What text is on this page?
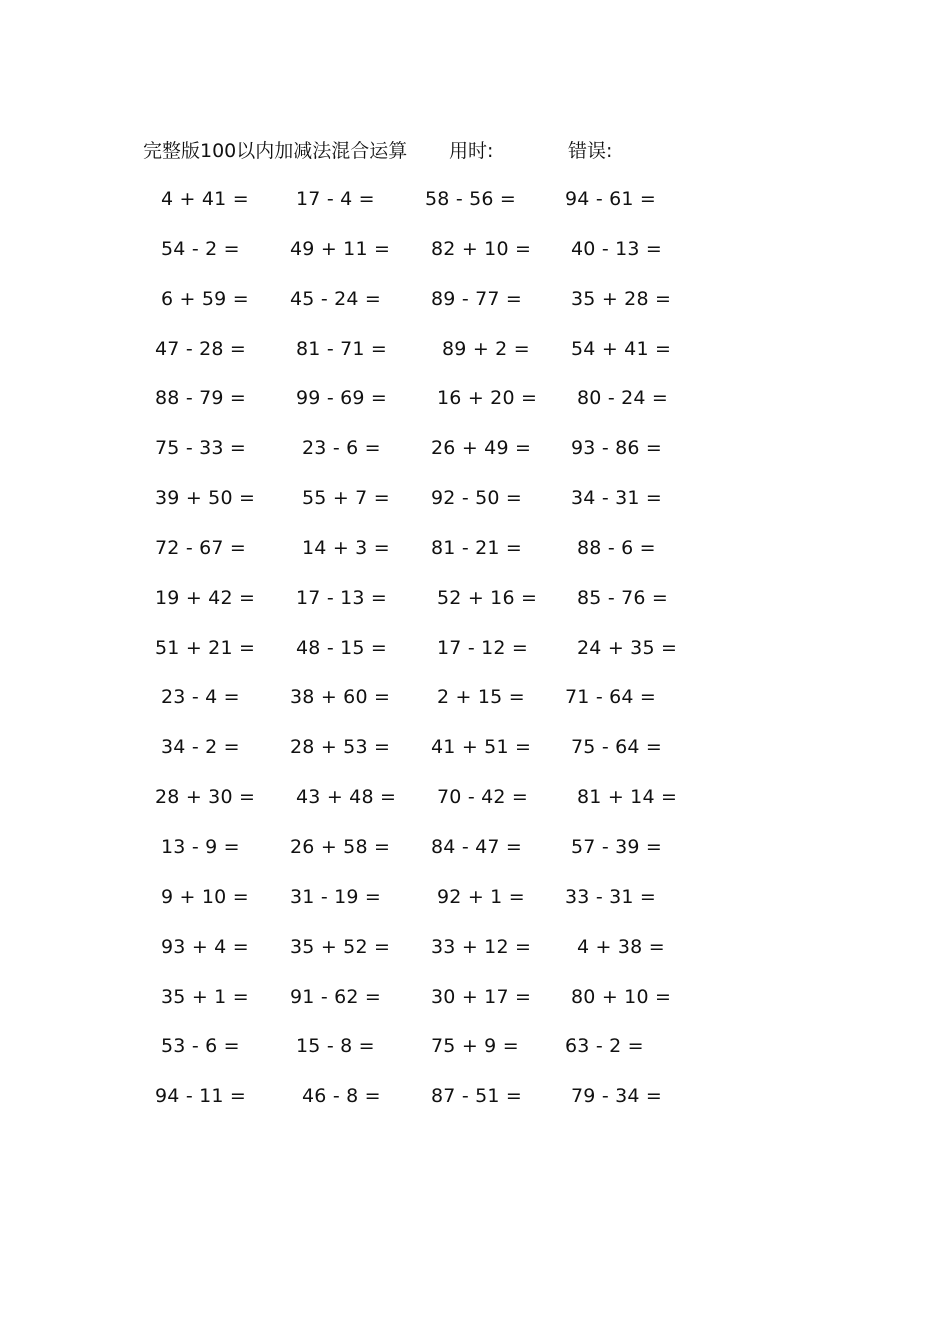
完整版100以内加减法混合运算 用时:	错误:
4 + 41 = 17 - 4 =	58 - 56 =	94 - 61 =
54 - 2 =	49 + 11 = 82 + 10 = 40 - 13 =
6 + 59 = 45 - 24 =	89 - 77 =	35 + 28 =
47 - 28 =	81 - 71 =	89 + 2 = 54 + 41 =
88 - 79 =	99 - 69 =	16 + 20 = 80 - 24 =
75 - 33 =	23 - 6 =	26 + 49 = 93 - 86 =
39 + 50 = 55 + 7 = 92 - 50 =	34 - 31 =
72 - 67 =	14 + 3 = 81 - 21 =	88 - 6 =
19 + 42 = 17 - 13 =	52 + 16 = 85 - 76 =
51 + 21 = 48 - 15 =	17 - 12 =	24 + 35 =
23 - 4 =	38 + 60 = 2 + 15 = 71 - 64 =
34 - 2 =	28 + 53 = 41 + 51 = 75 - 64 =
28 + 30 = 43 + 48 = 70 - 42 =	81 + 14 =
13 - 9 =	26 + 58 = 84 - 47 =	57 - 39 =
9 + 10 = 31 - 19 =	92 + 1 = 33 - 31 =
93 + 4 = 35 + 52 = 33 + 12 = 4 + 38 =
35 + 1 = 91 - 62 =	30 + 17 = 80 + 10 =
53 - 6 =	15 - 8 =	75 + 9 = 63 - 2 =
94 - 11 =	46 - 8 =	87 - 51 =	79 - 34 =
